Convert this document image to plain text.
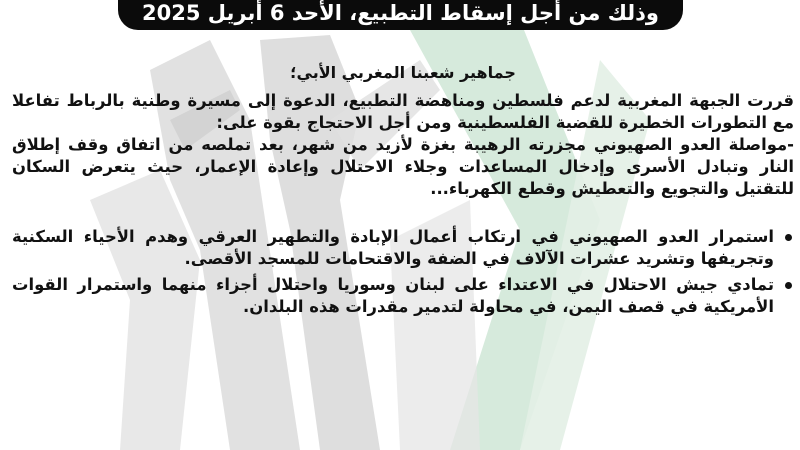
وذلك من أجل إسقاط التطبيع، الأحد 6 أبريل 2025

جماهير شعبنا المغربي الأبي؛

قررت الجبهة المغربية لدعم فلسطين ومناهضة التطبيع، الدعوة إلى مسيرة وطنية بالرباط تفاعلا مع التطورات الخطيرة للقضية الفلسطينية ومن أجل الاحتجاج بقوة على:

-مواصلة العدو الصهيوني مجزرته الرهيبة بغزة لأزيد من شهر، بعد تملصه من اتفاق وقف إطلاق النار وتبادل الأسرى وإدخال المساعدات وجلاء الاحتلال وإعادة الإعمار، حيث يتعرض السكان للتقتيل والتجويع والتعطيش وقطع الكهرباء...

استمرار العدو الصهيوني في ارتكاب أعمال الإبادة والتطهير العرقي وهدم الأحياء السكنية وتجريفها وتشريد عشرات الآلاف في الضفة والاقتحامات للمسجد الأقصى.
تمادي جيش الاحتلال في الاعتداء على لبنان وسوريا واحتلال أجزاء منهما واستمرار القوات الأمريكية في قصف اليمن، في محاولة لتدمير مقدرات هذه البلدان.
